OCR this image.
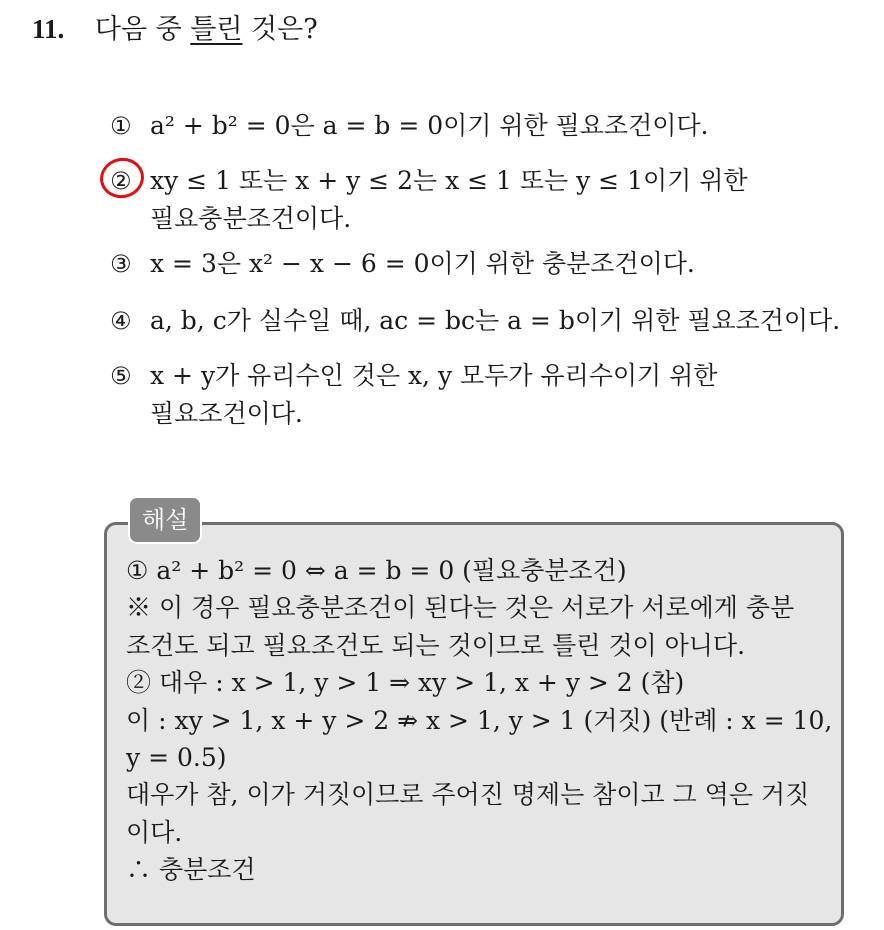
11. 다음 중 틀린 것은?
① a² + b² = 0은 a = b = 0이기 위한 필요조건이다.
② xy ≤ 1 또는 x + y ≤ 2는 x ≤ 1 또는 y ≤ 1이기 위한
필요충분조건이다.
③ x = 3은 x² − x − 6 = 0이기 위한 충분조건이다.
④ a, b, c가 실수일 때, ac = bc는 a = b이기 위한 필요조건이다.
⑤ x + y가 유리수인 것은 x, y 모두가 유리수이기 위한
필요조건이다.
해설
① a² + b² = 0 ⇔ a = b = 0 (필요충분조건)
※ 이 경우 필요충분조건이 된다는 것은 서로가 서로에게 충분
조건도 되고 필요조건도 되는 것이므로 틀린 것이 아니다.
② 대우 : x > 1, y > 1 ⇒ xy > 1, x + y > 2 (참)
이 : xy > 1, x + y > 2 ⇏ x > 1, y > 1 (거짓) (반례 : x = 10,
y = 0.5)
대우가 참, 이가 거짓이므로 주어진 명제는 참이고 그 역은 거짓
이다.
∴ 충분조건
